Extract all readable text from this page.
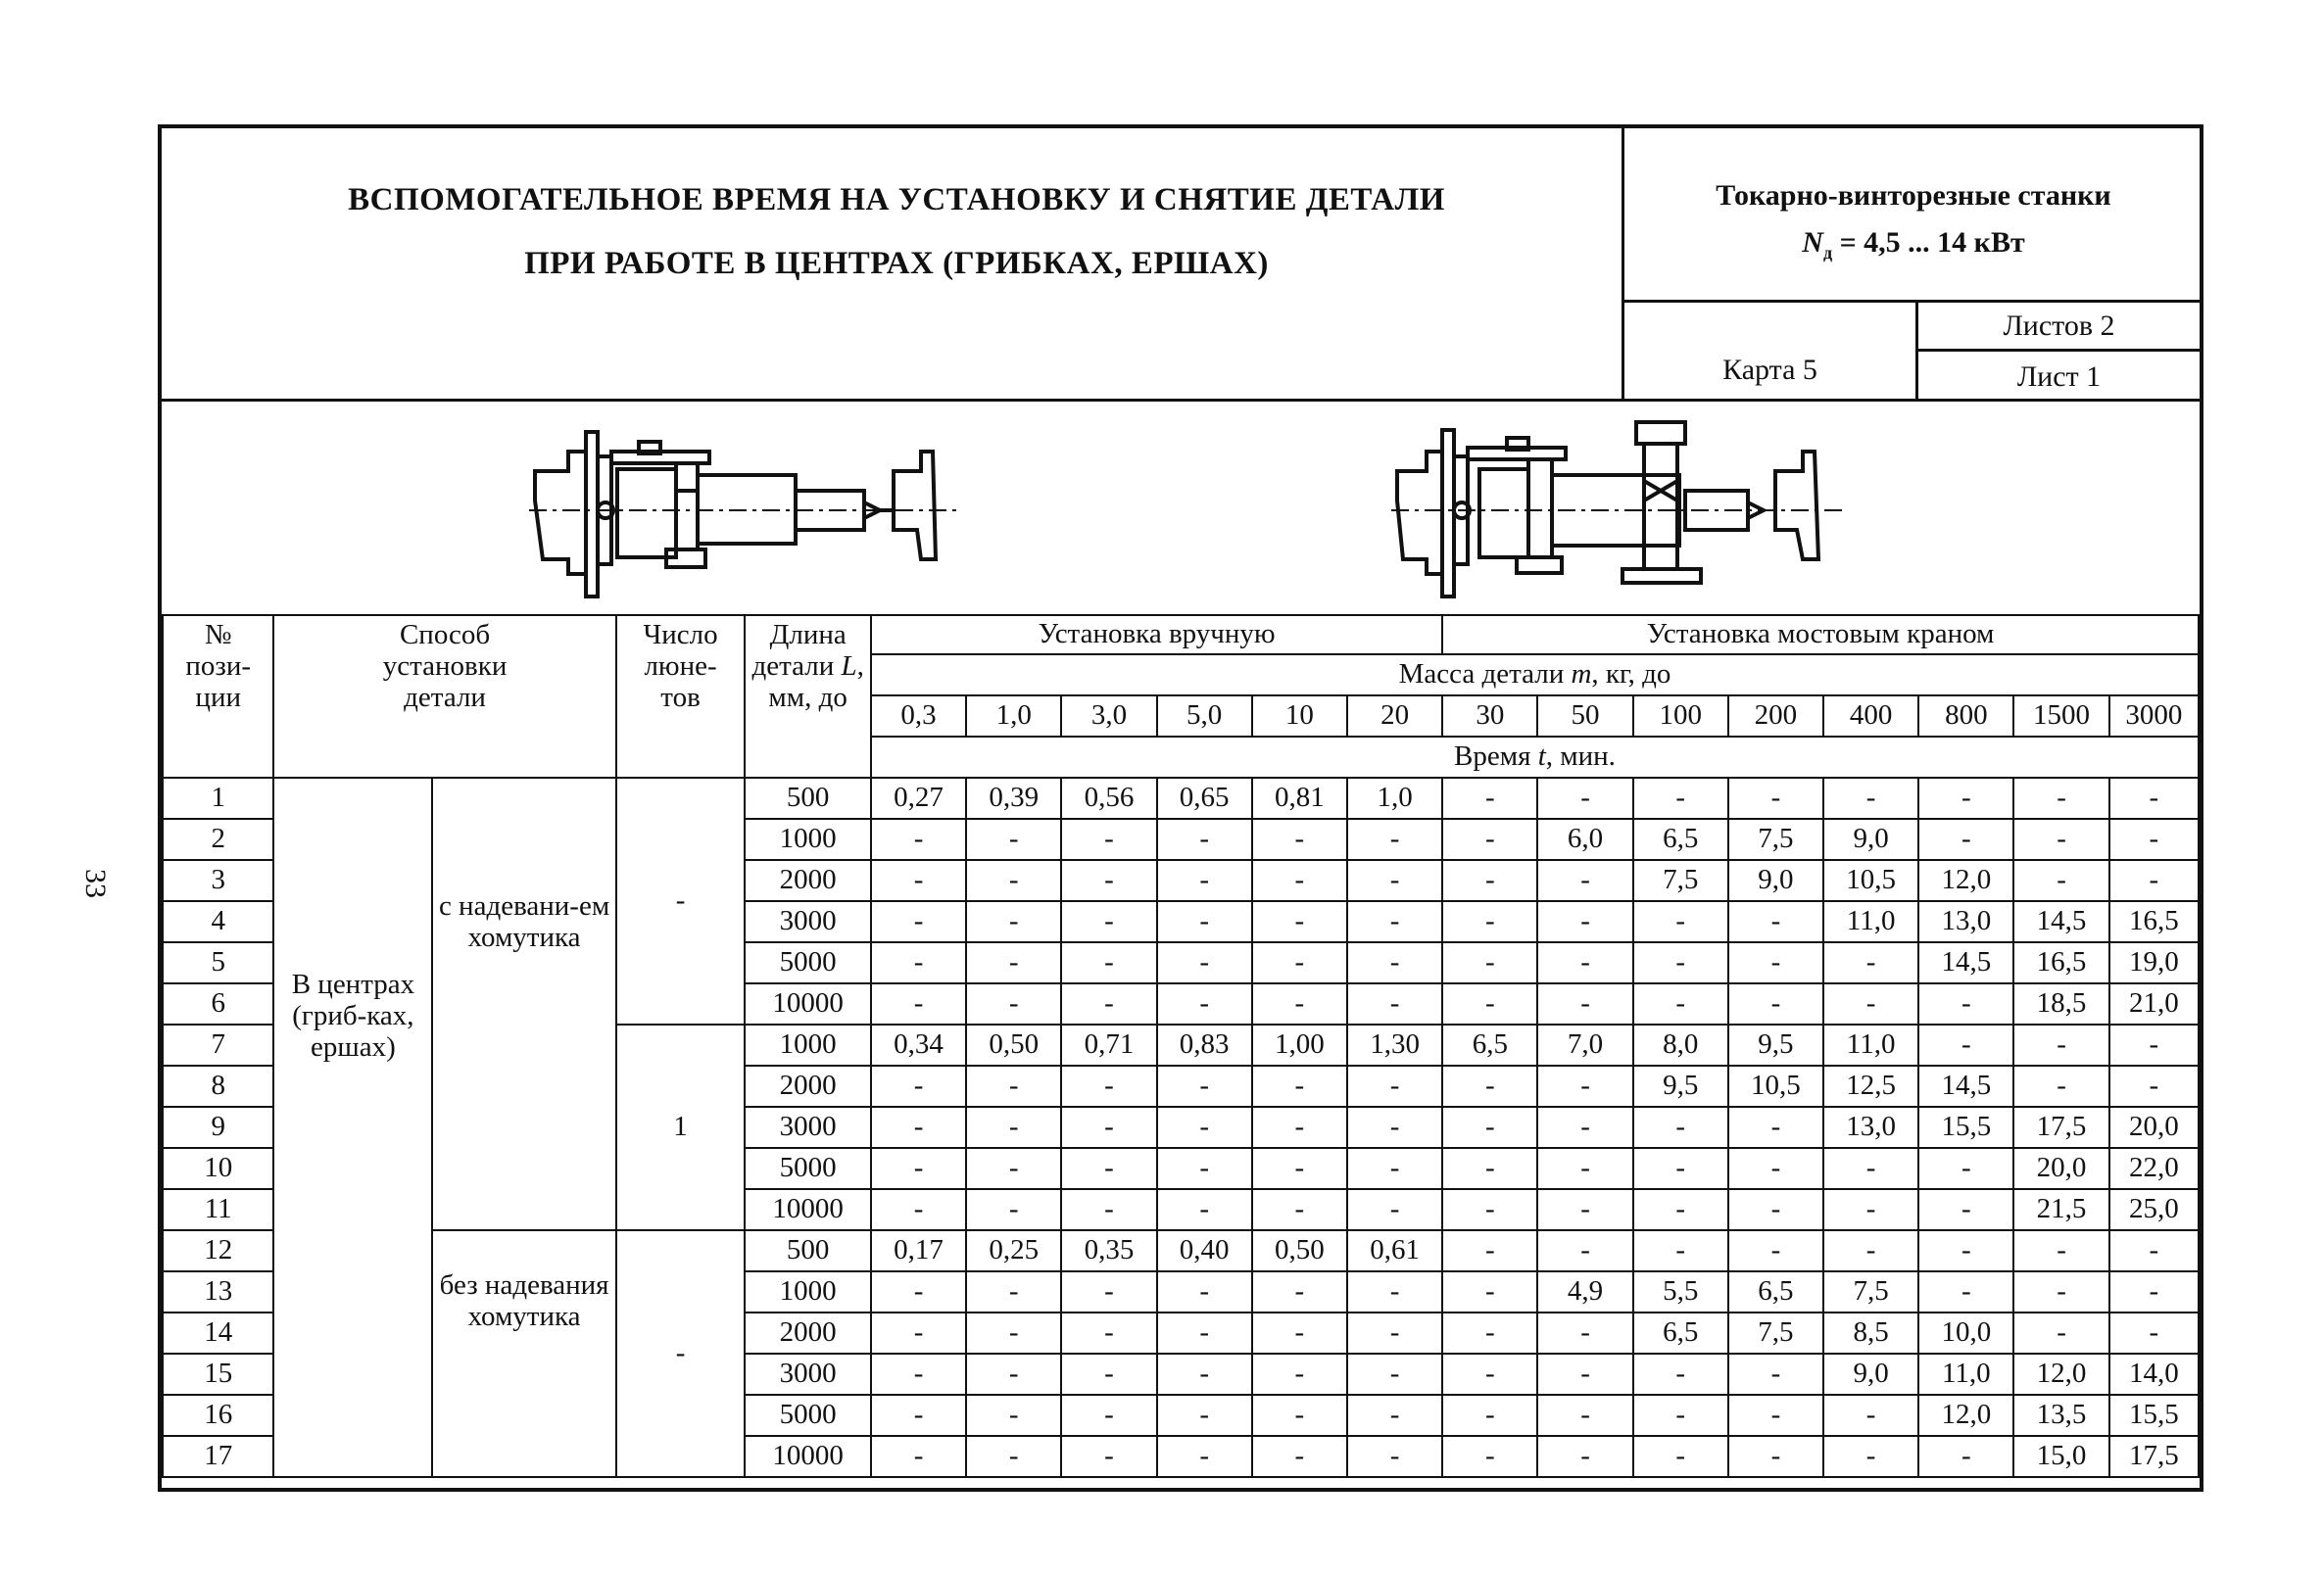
33
ВСПОМОГАТЕЛЬНОЕ ВРЕМЯ НА УСТАНОВКУ И СНЯТИЕ ДЕТАЛИ
ПРИ РАБОТЕ В ЦЕНТРАХ (ГРИБКАХ, ЕРШАХ)
Токарно-винторезные станки
$N_д = 4,5$ ... 14 кВт
Карта 5
Листов 2
Лист 1
№
пози-
ции	Способ
установки
детали		Число
люне-
тов	Длина
детали L,
мм, до	Установка вручную						Установка мостовым краном							
					Масса детали m, кг, до													
					0,3	1,0	3,0	5,0	10	20	30	50	100	200	400	800	1500	3000
					Время t, мин.													
1	В центрах (гриб-ках, ершах)	с надевани-ем хомутика	-	500	0,27	0,39	0,56	0,65	0,81	1,0	-	-	-	-	-	-	-	-
2				1000	-	-	-	-	-	-	-	6,0	6,5	7,5	9,0	-	-	-
3				2000	-	-	-	-	-	-	-	-	7,5	9,0	10,5	12,0	-	-
4				3000	-	-	-	-	-	-	-	-	-	-	11,0	13,0	14,5	16,5
5				5000	-	-	-	-	-	-	-	-	-	-	-	14,5	16,5	19,0
6				10000	-	-	-	-	-	-	-	-	-	-	-	-	18,5	21,0
7			1	1000	0,34	0,50	0,71	0,83	1,00	1,30	6,5	7,0	8,0	9,5	11,0	-	-	-
8				2000	-	-	-	-	-	-	-	-	9,5	10,5	12,5	14,5	-	-
9				3000	-	-	-	-	-	-	-	-	-	-	13,0	15,5	17,5	20,0
10				5000	-	-	-	-	-	-	-	-	-	-	-	-	20,0	22,0
11				10000	-	-	-	-	-	-	-	-	-	-	-	-	21,5	25,0
12		без надевания хомутика	-	500	0,17	0,25	0,35	0,40	0,50	0,61	-	-	-	-	-	-	-	-
13				1000	-	-	-	-	-	-	-	4,9	5,5	6,5	7,5	-	-	-
14				2000	-	-	-	-	-	-	-	-	6,5	7,5	8,5	10,0	-	-
15				3000	-	-	-	-	-	-	-	-	-	-	9,0	11,0	12,0	14,0
16				5000	-	-	-	-	-	-	-	-	-	-	-	12,0	13,5	15,5
17				10000	-	-	-	-	-	-	-	-	-	-	-	-	15,0	17,5
